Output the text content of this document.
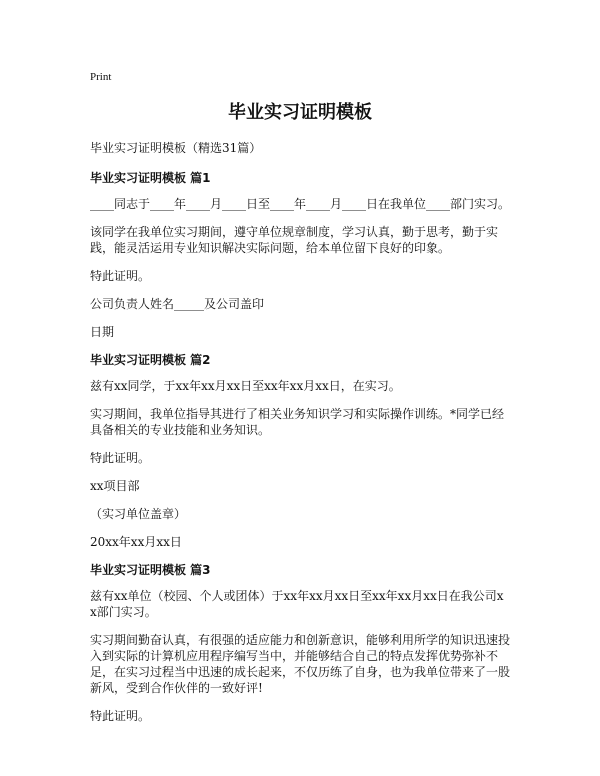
Print
毕业实习证明模板
毕业实习证明模板（精选31篇）
毕业实习证明模板 篇1
____同志于____年____月____日至____年____月____日在我单位____部门实习。
该同学在我单位实习期间，遵守单位规章制度，学习认真，勤于思考，勤于实践，能灵活运用专业知识解决实际问题，给本单位留下良好的印象。
特此证明。
公司负责人姓名_____及公司盖印
日期
毕业实习证明模板 篇2
兹有xx同学，于xx年xx月xx日至xx年xx月xx日，在实习。
实习期间，我单位指导其进行了相关业务知识学习和实际操作训练。*同学已经具备相关的专业技能和业务知识。
特此证明。
xx项目部
（实习单位盖章）
20xx年xx月xx日
毕业实习证明模板 篇3
兹有xx单位（校园、个人或团体）于xx年xx月xx日至xx年xx月xx日在我公司xx部门实习。
实习期间勤奋认真，有很强的适应能力和创新意识，能够利用所学的知识迅速投入到实际的计算机应用程序编写当中，并能够结合自己的特点发挥优势弥补不足，在实习过程当中迅速的成长起来，不仅历练了自身，也为我单位带来了一股新风，受到合作伙伴的一致好评!
特此证明。
